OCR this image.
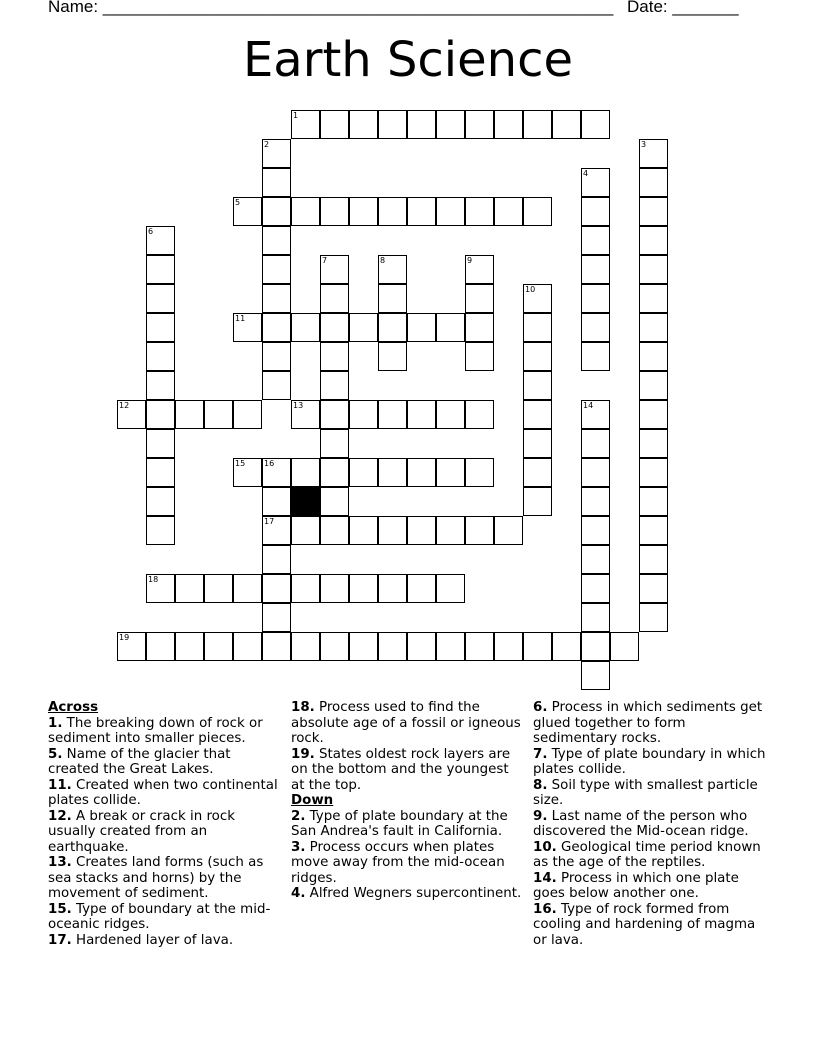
Name: ______________________________________________________ Date: _______
Earth Science
1
2	3
4
5
6
7	8	9
10
11
12	13	14
15 16
17
18
19
Across
1. The breaking down of rock or sediment into smaller pieces.
5. Name of the glacier that created the Great Lakes.
11. Created when two continental plates collide.
12. A break or crack in rock usually created from an earthquake.
13. Creates land forms (such as sea stacks and horns) by the movement of sediment.
15. Type of boundary at the mid-oceanic ridges.
17. Hardened layer of lava.
18. Process used to find the absolute age of a fossil or igneous rock.
19. States oldest rock layers are on the bottom and the youngest at the top.
Down
2. Type of plate boundary at the San Andrea's fault in California.
3. Process occurs when plates move away from the mid-ocean ridges.
4. Alfred Wegners supercontinent.
6. Process in which sediments get glued together to form sedimentary rocks.
7. Type of plate boundary in which plates collide.
8. Soil type with smallest particle size.
9. Last name of the person who discovered the Mid-ocean ridge.
10. Geological time period known as the age of the reptiles.
14. Process in which one plate goes below another one.
16. Type of rock formed from cooling and hardening of magma or lava.
